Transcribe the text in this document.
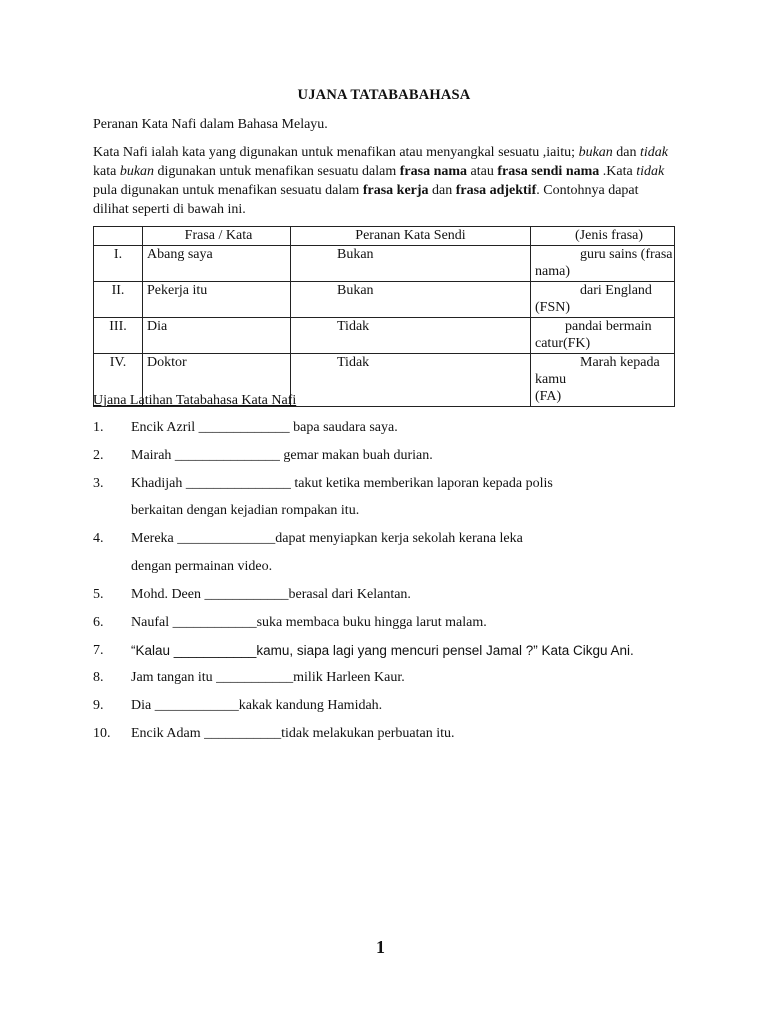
UJANA TATABABAHASA
Peranan Kata Nafi dalam Bahasa Melayu.
Kata Nafi ialah kata yang digunakan untuk menafikan atau menyangkal sesuatu ,iaitu; bukan dan tidak kata bukan digunakan untuk menafikan sesuatu dalam frasa nama atau frasa sendi nama .Kata tidak pula digunakan untuk menafikan sesuatu dalam frasa kerja dan frasa adjektif. Contohnya dapat dilihat seperti di bawah ini.
	Frasa / Kata	Peranan Kata Sendi	(Jenis frasa)
I.	Abang saya	Bukan	guru sains (frasa
nama)
II.	Pekerja itu	Bukan	dari England (FSN)
III.	Dia	Tidak	pandai bermain
catur(FK)
IV.	Doktor	Tidak	Marah kepada kamu
(FA)
Ujana Latihan Tatabahasa Kata Nafi
1. Encik Azril _____________ bapa saudara saya.
2. Mairah _______________ gemar makan buah durian.
3. Khadijah _______________ takut ketika memberikan laporan kepada polis
berkaitan dengan kejadian rompakan itu.
4. Mereka ______________dapat menyiapkan kerja sekolah kerana leka
dengan permainan video.
5. Mohd. Deen ____________berasal dari Kelantan.
6. Naufal ____________suka membaca buku hingga larut malam.
7. “Kalau ___________kamu, siapa lagi yang mencuri pensel Jamal ?” Kata Cikgu Ani.
8. Jam tangan itu ___________milik Harleen Kaur.
9. Dia ____________kakak kandung Hamidah.
10. Encik Adam ___________tidak melakukan perbuatan itu.
1
